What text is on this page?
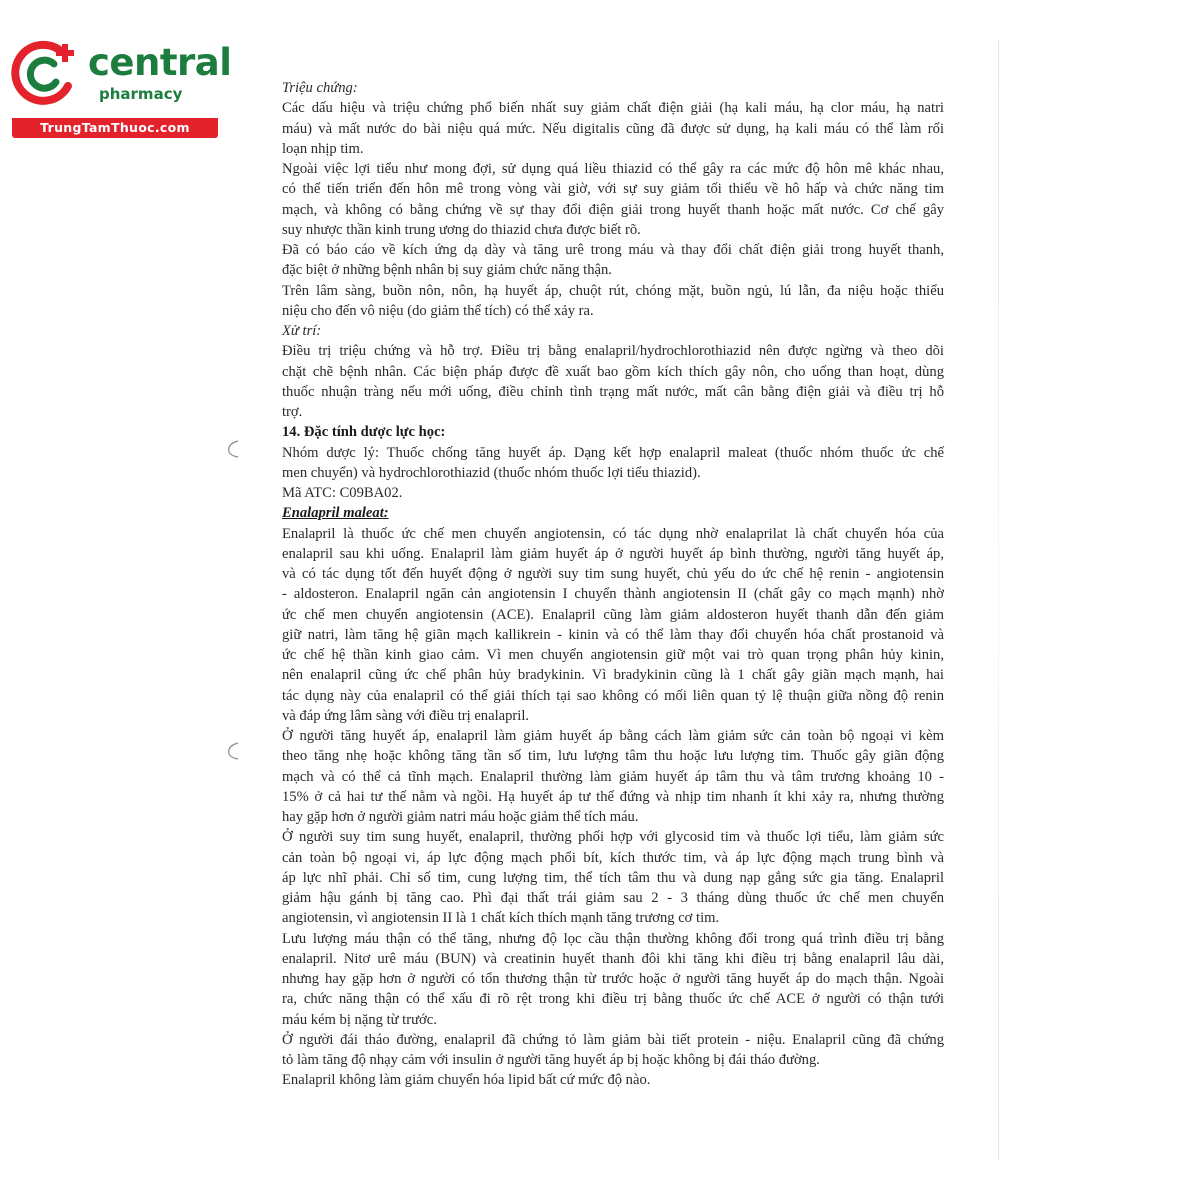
central
pharmacy
TrungTamThuoc.com
Triệu chứng:
Các dấu hiệu và triệu chứng phổ biến nhất suy giảm chất điện giải (hạ kali máu, hạ clor máu, hạ natri
máu) và mất nước do bài niệu quá mức. Nếu digitalis cũng đã được sử dụng, hạ kali máu có thể làm rối
loạn nhịp tim.
Ngoài việc lợi tiểu như mong đợi, sử dụng quá liều thiazid có thể gây ra các mức độ hôn mê khác nhau,
có thể tiến triển đến hôn mê trong vòng vài giờ, với sự suy giảm tối thiểu về hô hấp và chức năng tim
mạch, và không có bằng chứng về sự thay đổi điện giải trong huyết thanh hoặc mất nước. Cơ chế gây
suy nhược thần kinh trung ương do thiazid chưa được biết rõ.
Đã có báo cáo về kích ứng dạ dày và tăng urê trong máu và thay đổi chất điện giải trong huyết thanh,
đặc biệt ở những bệnh nhân bị suy giảm chức năng thận.
Trên lâm sàng, buồn nôn, nôn, hạ huyết áp, chuột rút, chóng mặt, buồn ngủ, lú lẫn, đa niệu hoặc thiểu
niệu cho đến vô niệu (do giảm thể tích) có thể xảy ra.
Xử trí:
Điều trị triệu chứng và hỗ trợ. Điều trị bằng enalapril/hydrochlorothiazid nên được ngừng và theo dõi
chặt chẽ bệnh nhân. Các biện pháp được đề xuất bao gồm kích thích gây nôn, cho uống than hoạt, dùng
thuốc nhuận tràng nếu mới uống, điều chỉnh tình trạng mất nước, mất cân bằng điện giải và điều trị hỗ
trợ.
14. Đặc tính dược lực học:
Nhóm dược lý: Thuốc chống tăng huyết áp. Dạng kết hợp enalapril maleat (thuốc nhóm thuốc ức chế
men chuyển) và hydrochlorothiazid (thuốc nhóm thuốc lợi tiểu thiazid).
Mã ATC: C09BA02.
Enalapril maleat:
Enalapril là thuốc ức chế men chuyển angiotensin, có tác dụng nhờ enalaprilat là chất chuyển hóa của
enalapril sau khi uống. Enalapril làm giảm huyết áp ở người huyết áp bình thường, người tăng huyết áp,
và có tác dụng tốt đến huyết động ở người suy tim sung huyết, chủ yếu do ức chế hệ renin - angiotensin
- aldosteron. Enalapril ngăn cản angiotensin I chuyển thành angiotensin II (chất gây co mạch mạnh) nhờ
ức chế men chuyển angiotensin (ACE). Enalapril cũng làm giảm aldosteron huyết thanh dẫn đến giảm
giữ natri, làm tăng hệ giãn mạch kallikrein - kinin và có thể làm thay đổi chuyển hóa chất prostanoid và
ức chế hệ thần kinh giao cảm. Vì men chuyển angiotensin giữ một vai trò quan trọng phân hủy kinin,
nên enalapril cũng ức chế phân hủy bradykinin. Vì bradykinin cũng là 1 chất gây giãn mạch mạnh, hai
tác dụng này của enalapril có thể giải thích tại sao không có mối liên quan tỷ lệ thuận giữa nồng độ renin
và đáp ứng lâm sàng với điều trị enalapril.
Ở người tăng huyết áp, enalapril làm giảm huyết áp bằng cách làm giảm sức cản toàn bộ ngoại vi kèm
theo tăng nhẹ hoặc không tăng tần số tim, lưu lượng tâm thu hoặc lưu lượng tim. Thuốc gây giãn động
mạch và có thể cả tĩnh mạch. Enalapril thường làm giảm huyết áp tâm thu và tâm trương khoảng 10 -
15% ở cả hai tư thế nằm và ngồi. Hạ huyết áp tư thế đứng và nhịp tim nhanh ít khi xảy ra, nhưng thường
hay gặp hơn ở người giảm natri máu hoặc giảm thể tích máu.
Ở người suy tim sung huyết, enalapril, thường phối hợp với glycosid tim và thuốc lợi tiểu, làm giảm sức
cản toàn bộ ngoại vi, áp lực động mạch phổi bít, kích thước tim, và áp lực động mạch trung bình và
áp lực nhĩ phải. Chỉ số tim, cung lượng tim, thể tích tâm thu và dung nạp gắng sức gia tăng. Enalapril
giảm hậu gánh bị tăng cao. Phì đại thất trái giảm sau 2 - 3 tháng dùng thuốc ức chế men chuyển
angiotensin, vì angiotensin II là 1 chất kích thích mạnh tăng trương cơ tim.
Lưu lượng máu thận có thể tăng, nhưng độ lọc cầu thận thường không đổi trong quá trình điều trị bằng
enalapril. Nitơ urê máu (BUN) và creatinin huyết thanh đôi khi tăng khi điều trị bằng enalapril lâu dài,
nhưng hay gặp hơn ở người có tổn thương thận từ trước hoặc ở người tăng huyết áp do mạch thận. Ngoài
ra, chức năng thận có thể xấu đi rõ rệt trong khi điều trị bằng thuốc ức chế ACE ở người có thận tưới
máu kém bị nặng từ trước.
Ở người đái tháo đường, enalapril đã chứng tỏ làm giảm bài tiết protein - niệu. Enalapril cũng đã chứng
tỏ làm tăng độ nhạy cảm với insulin ở người tăng huyết áp bị hoặc không bị đái tháo đường.
Enalapril không làm giảm chuyển hóa lipid bất cứ mức độ nào.
